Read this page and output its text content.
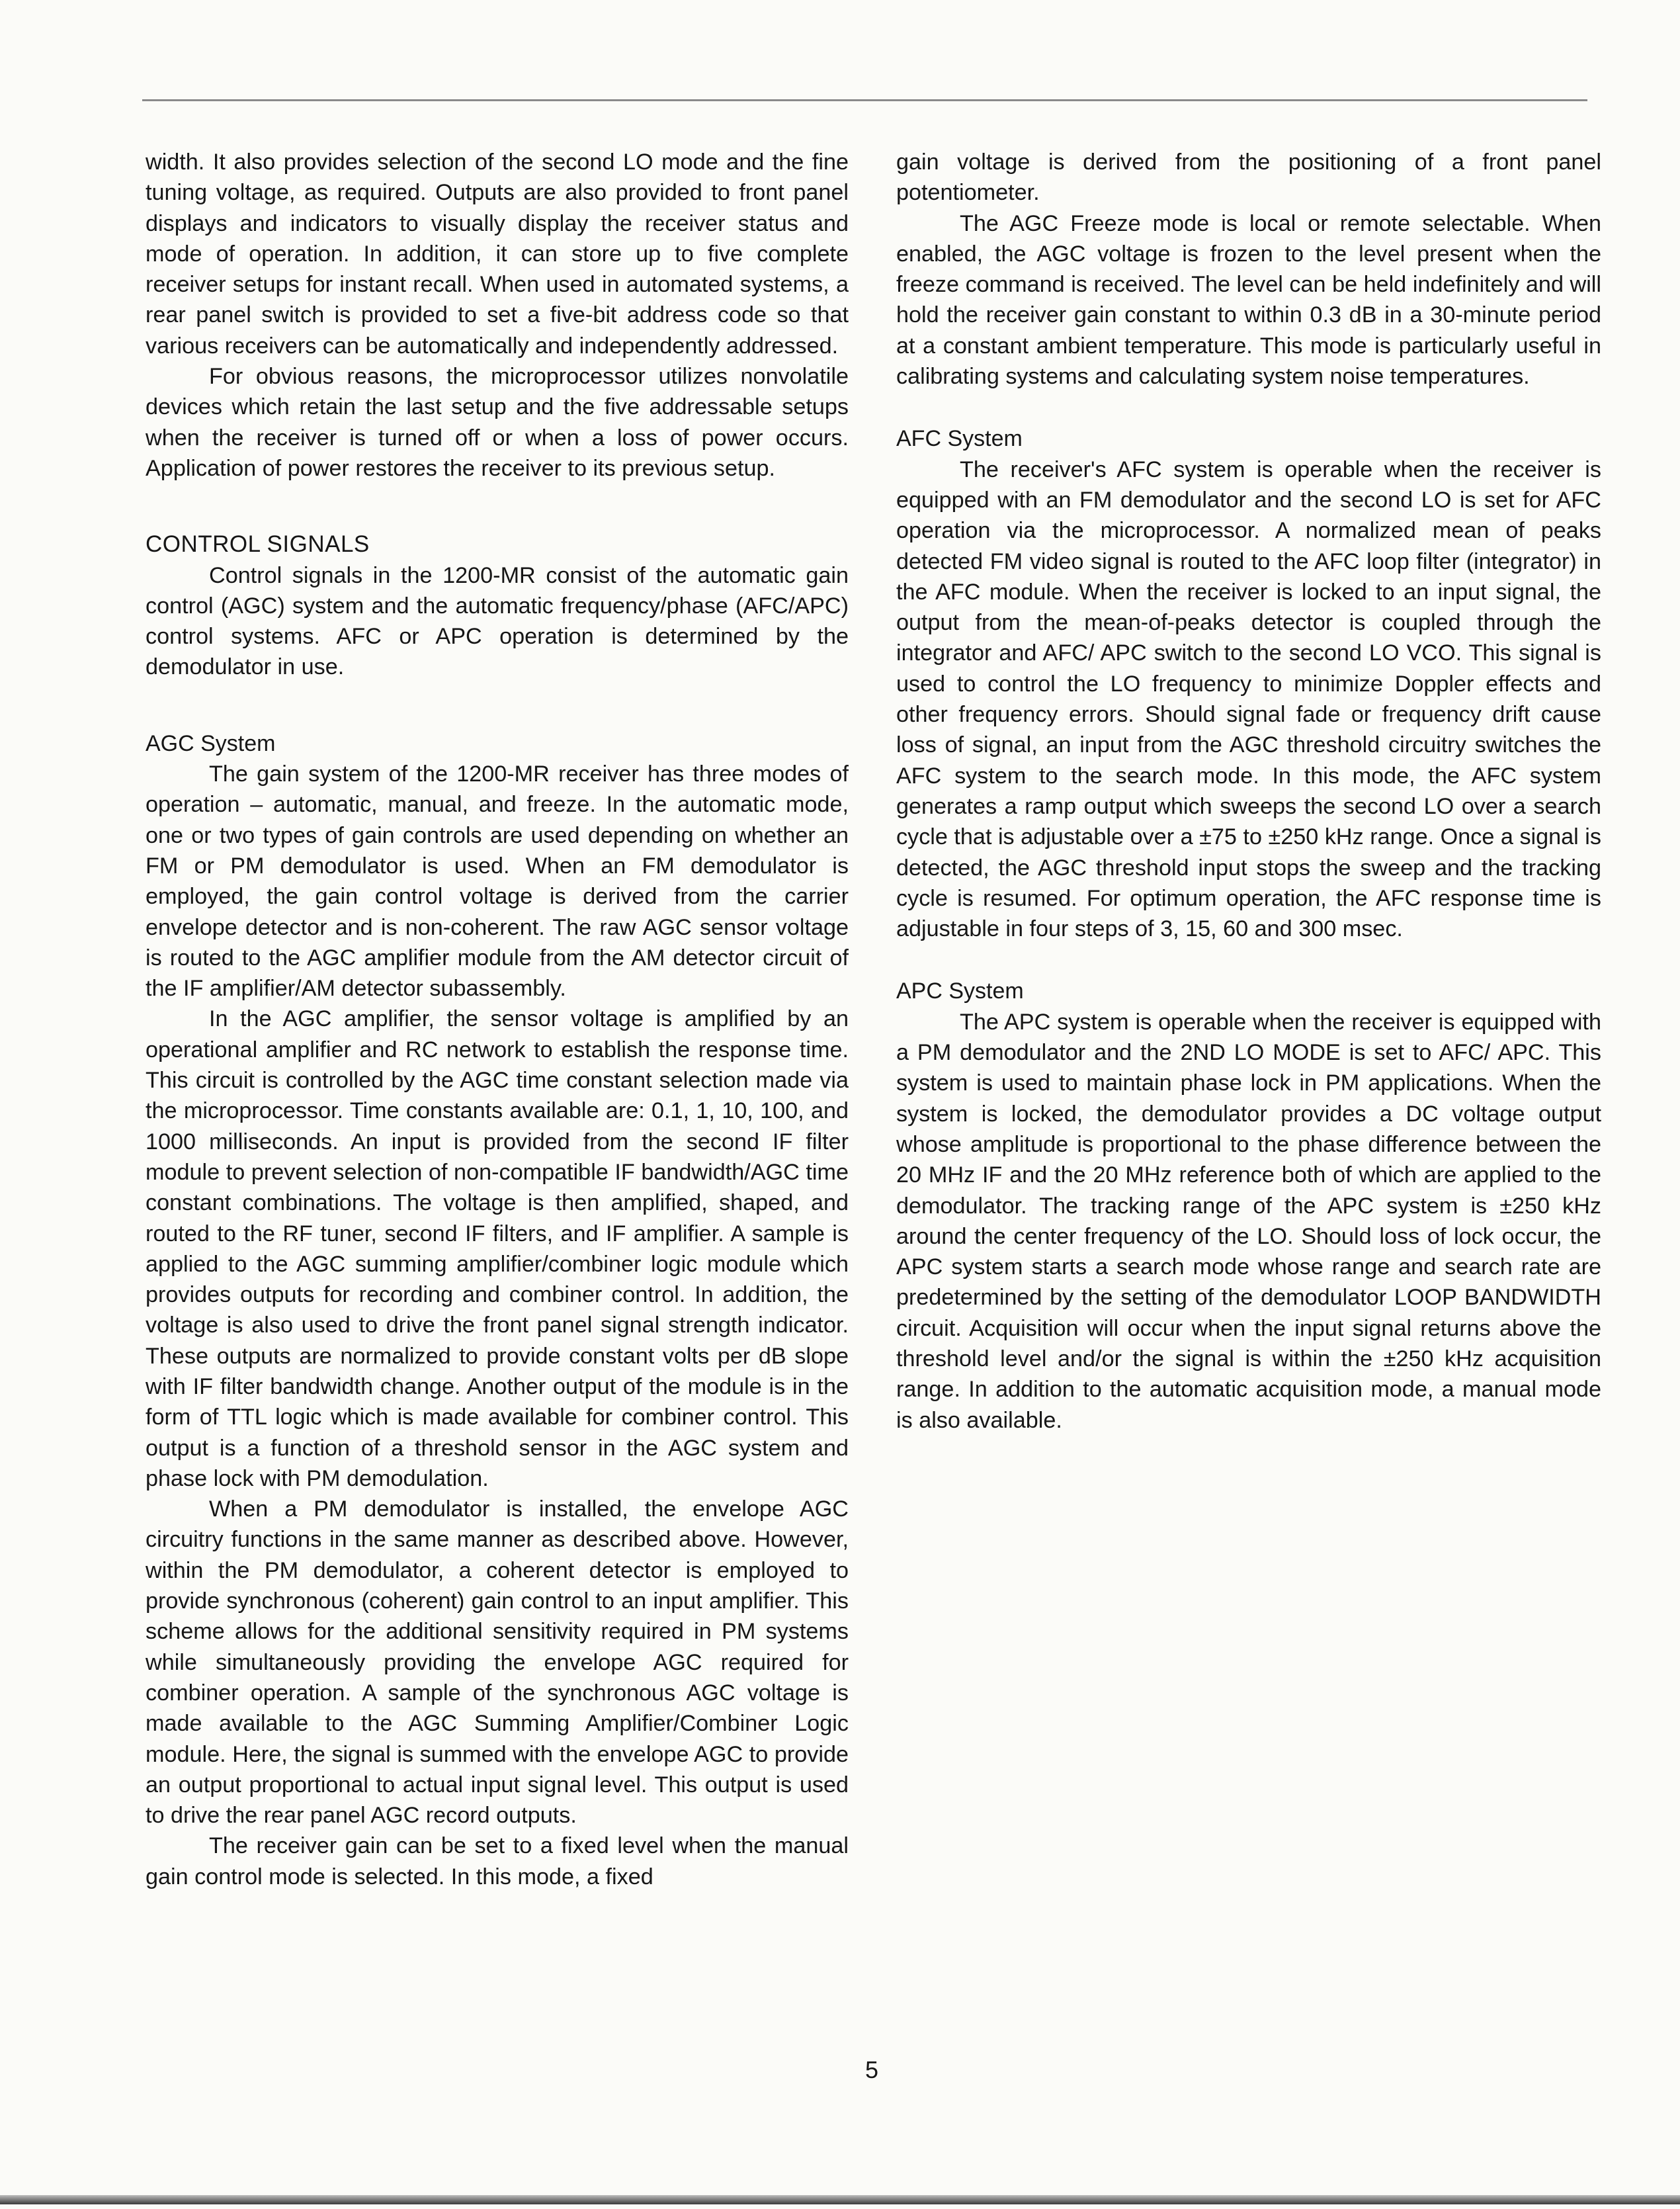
width. It also provides selection of the second LO mode and the fine tuning voltage, as required. Outputs are also provided to front panel displays and indicators to visually display the receiver status and mode of operation. In addition, it can store up to five complete receiver setups for instant recall. When used in automated systems, a rear panel switch is provided to set a five-bit address code so that various receivers can be automatically and independently addressed.

For obvious reasons, the microprocessor utilizes nonvolatile devices which retain the last setup and the five addressable setups when the receiver is turned off or when a loss of power occurs. Application of power restores the receiver to its previous setup.

CONTROL SIGNALS

Control signals in the 1200-MR consist of the automatic gain control (AGC) system and the automatic frequency/phase (AFC/APC) control systems. AFC or APC operation is determined by the demodulator in use.

AGC System

The gain system of the 1200-MR receiver has three modes of operation – automatic, manual, and freeze. In the automatic mode, one or two types of gain controls are used depending on whether an FM or PM demodulator is used. When an FM demodulator is employed, the gain control voltage is derived from the carrier envelope detector and is non-coherent. The raw AGC sensor voltage is routed to the AGC amplifier module from the AM detector circuit of the IF amplifier/AM detector subassembly.

In the AGC amplifier, the sensor voltage is amplified by an operational amplifier and RC network to establish the response time. This circuit is controlled by the AGC time constant selection made via the microprocessor. Time constants available are: 0.1, 1, 10, 100, and 1000 milliseconds. An input is provided from the second IF filter module to prevent selection of non-compatible IF bandwidth/AGC time constant combinations. The voltage is then amplified, shaped, and routed to the RF tuner, second IF filters, and IF amplifier. A sample is applied to the AGC summing amplifier/combiner logic module which provides outputs for recording and combiner control. In addition, the voltage is also used to drive the front panel signal strength indicator. These outputs are normalized to provide constant volts per dB slope with IF filter bandwidth change. Another output of the module is in the form of TTL logic which is made available for combiner control. This output is a function of a threshold sensor in the AGC system and phase lock with PM demodulation.

When a PM demodulator is installed, the envelope AGC circuitry functions in the same manner as described above. However, within the PM demodulator, a coherent detector is employed to provide synchronous (coherent) gain control to an input amplifier. This scheme allows for the additional sensitivity required in PM systems while simultaneously providing the envelope AGC required for combiner operation. A sample of the synchronous AGC voltage is made available to the AGC Summing Amplifier/Combiner Logic module. Here, the signal is summed with the envelope AGC to provide an output proportional to actual input signal level. This output is used to drive the rear panel AGC record outputs.

The receiver gain can be set to a fixed level when the manual gain control mode is selected. In this mode, a fixed

gain voltage is derived from the positioning of a front panel potentiometer.

The AGC Freeze mode is local or remote selectable. When enabled, the AGC voltage is frozen to the level present when the freeze command is received. The level can be held indefinitely and will hold the receiver gain constant to within 0.3 dB in a 30-minute period at a constant ambient temperature. This mode is particularly useful in calibrating systems and calculating system noise temperatures.

AFC System

The receiver's AFC system is operable when the receiver is equipped with an FM demodulator and the second LO is set for AFC operation via the microprocessor. A normalized mean of peaks detected FM video signal is routed to the AFC loop filter (integrator) in the AFC module. When the receiver is locked to an input signal, the output from the mean-of-peaks detector is coupled through the integrator and AFC/ APC switch to the second LO VCO. This signal is used to control the LO frequency to minimize Doppler effects and other frequency errors. Should signal fade or frequency drift cause loss of signal, an input from the AGC threshold circuitry switches the AFC system to the search mode. In this mode, the AFC system generates a ramp output which sweeps the second LO over a search cycle that is adjustable over a ±75 to ±250 kHz range. Once a signal is detected, the AGC threshold input stops the sweep and the tracking cycle is resumed. For optimum operation, the AFC response time is adjustable in four steps of 3, 15, 60 and 300 msec.

APC System

The APC system is operable when the receiver is equipped with a PM demodulator and the 2ND LO MODE is set to AFC/ APC. This system is used to maintain phase lock in PM applications. When the system is locked, the demodulator provides a DC voltage output whose amplitude is proportional to the phase difference between the 20 MHz IF and the 20 MHz reference both of which are applied to the demodulator. The tracking range of the APC system is ±250 kHz around the center frequency of the LO. Should loss of lock occur, the APC system starts a search mode whose range and search rate are predetermined by the setting of the demodulator LOOP BANDWIDTH circuit. Acquisition will occur when the input signal returns above the threshold level and/or the signal is within the ±250 kHz acquisition range. In addition to the automatic acquisition mode, a manual mode is also available.

5
